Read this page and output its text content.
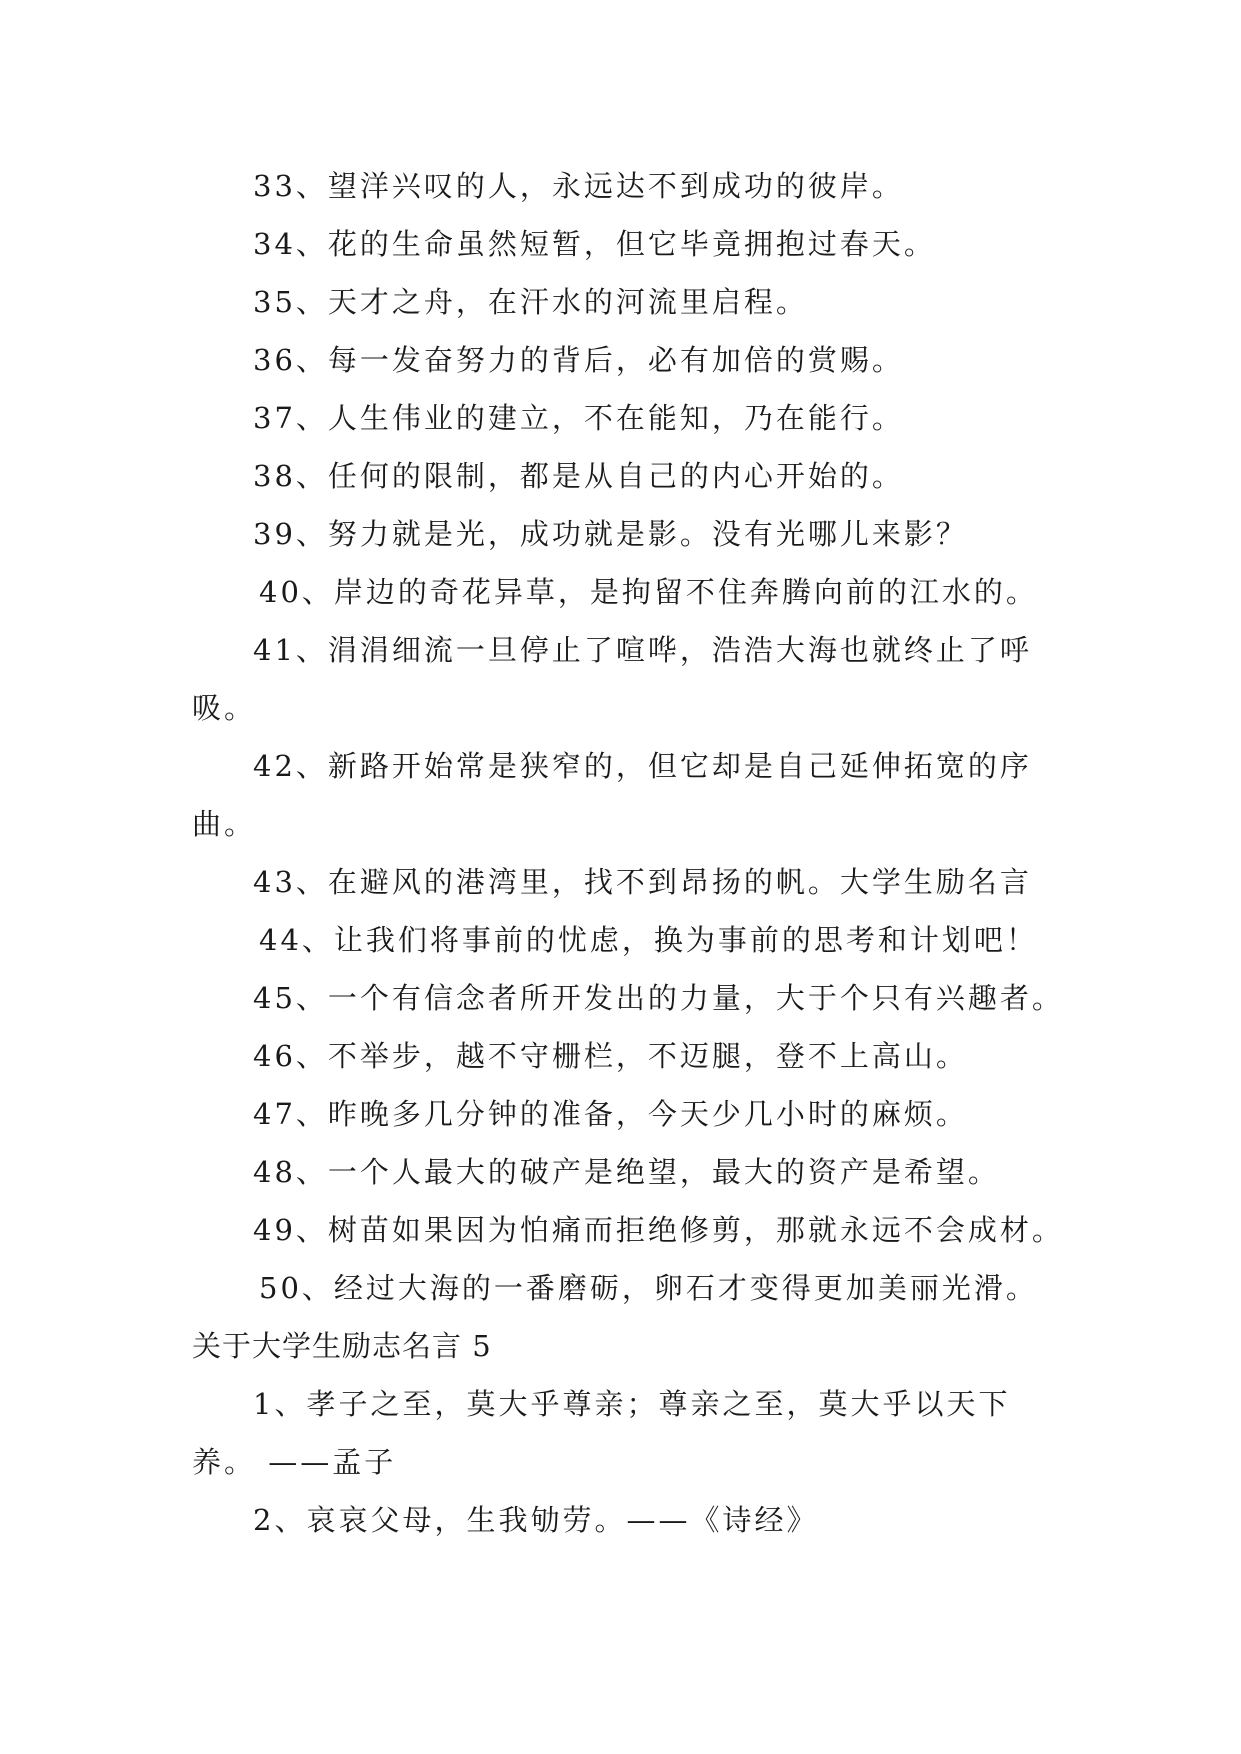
33、望洋兴叹的人，永远达不到成功的彼岸。
34、花的生命虽然短暂，但它毕竟拥抱过春天。
35、天才之舟，在汗水的河流里启程。
36、每一发奋努力的背后，必有加倍的赏赐。
37、人生伟业的建立，不在能知，乃在能行。
38、任何的限制，都是从自己的内心开始的。
39、努力就是光，成功就是影。没有光哪儿来影？
40、岸边的奇花异草，是拘留不住奔腾向前的江水的。
41、涓涓细流一旦停止了喧哗，浩浩大海也就终止了呼
吸。
42、新路开始常是狭窄的，但它却是自己延伸拓宽的序
曲。
43、在避风的港湾里，找不到昂扬的帆。大学生励名言
44、让我们将事前的忧虑，换为事前的思考和计划吧！
45、一个有信念者所开发出的力量，大于个只有兴趣者。
46、不举步，越不守栅栏，不迈腿，登不上高山。
47、昨晚多几分钟的准备，今天少几小时的麻烦。
48、一个人最大的破产是绝望，最大的资产是希望。
49、树苗如果因为怕痛而拒绝修剪，那就永远不会成材。
50、经过大海的一番磨砺，卵石才变得更加美丽光滑。
关于大学生励志名言 5
1、孝子之至，莫大乎尊亲；尊亲之至，莫大乎以天下
养。 ——孟子
2、哀哀父母，生我劬劳。——《诗经》
